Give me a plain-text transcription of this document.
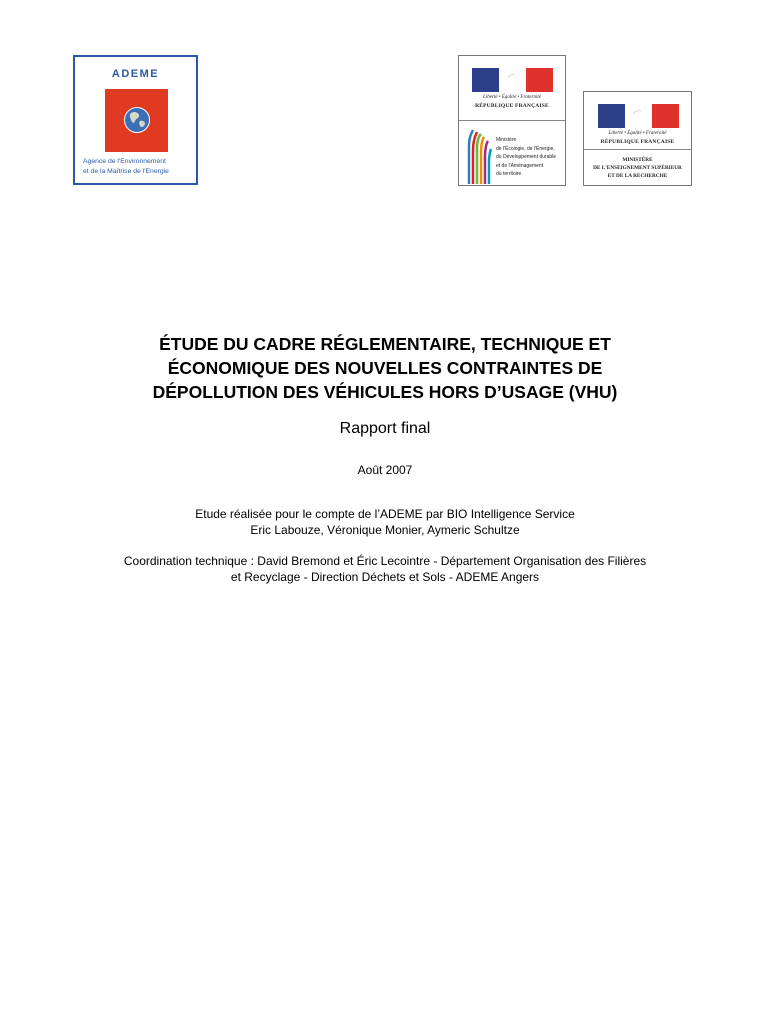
ADEME
Agence de l'Environnement
et de la Maîtrise de l'Energie
Liberté • Égalité • Fraternité
RÉPUBLIQUE FRANÇAISE
Ministère
de l'Écologie, de l'Énergie,
du Développement durable
et de l'Aménagement
du territoire
Liberté • Égalité • Fraternité
RÉPUBLIQUE FRANÇAISE
MINISTÈRE
DE L'ENSEIGNEMENT SUPÉRIEUR
ET DE LA RECHERCHE
ÉTUDE DU CADRE RÉGLEMENTAIRE, TECHNIQUE ET
ÉCONOMIQUE DES NOUVELLES CONTRAINTES DE
DÉPOLLUTION DES VÉHICULES HORS D’USAGE (VHU)
Rapport final
Août 2007
Etude réalisée pour le compte de l’ADEME par BIO Intelligence Service
Eric Labouze, Véronique Monier, Aymeric Schultze
Coordination technique : David Bremond et Éric Lecointre - Département Organisation des Filières
et Recyclage - Direction Déchets et Sols - ADEME Angers
